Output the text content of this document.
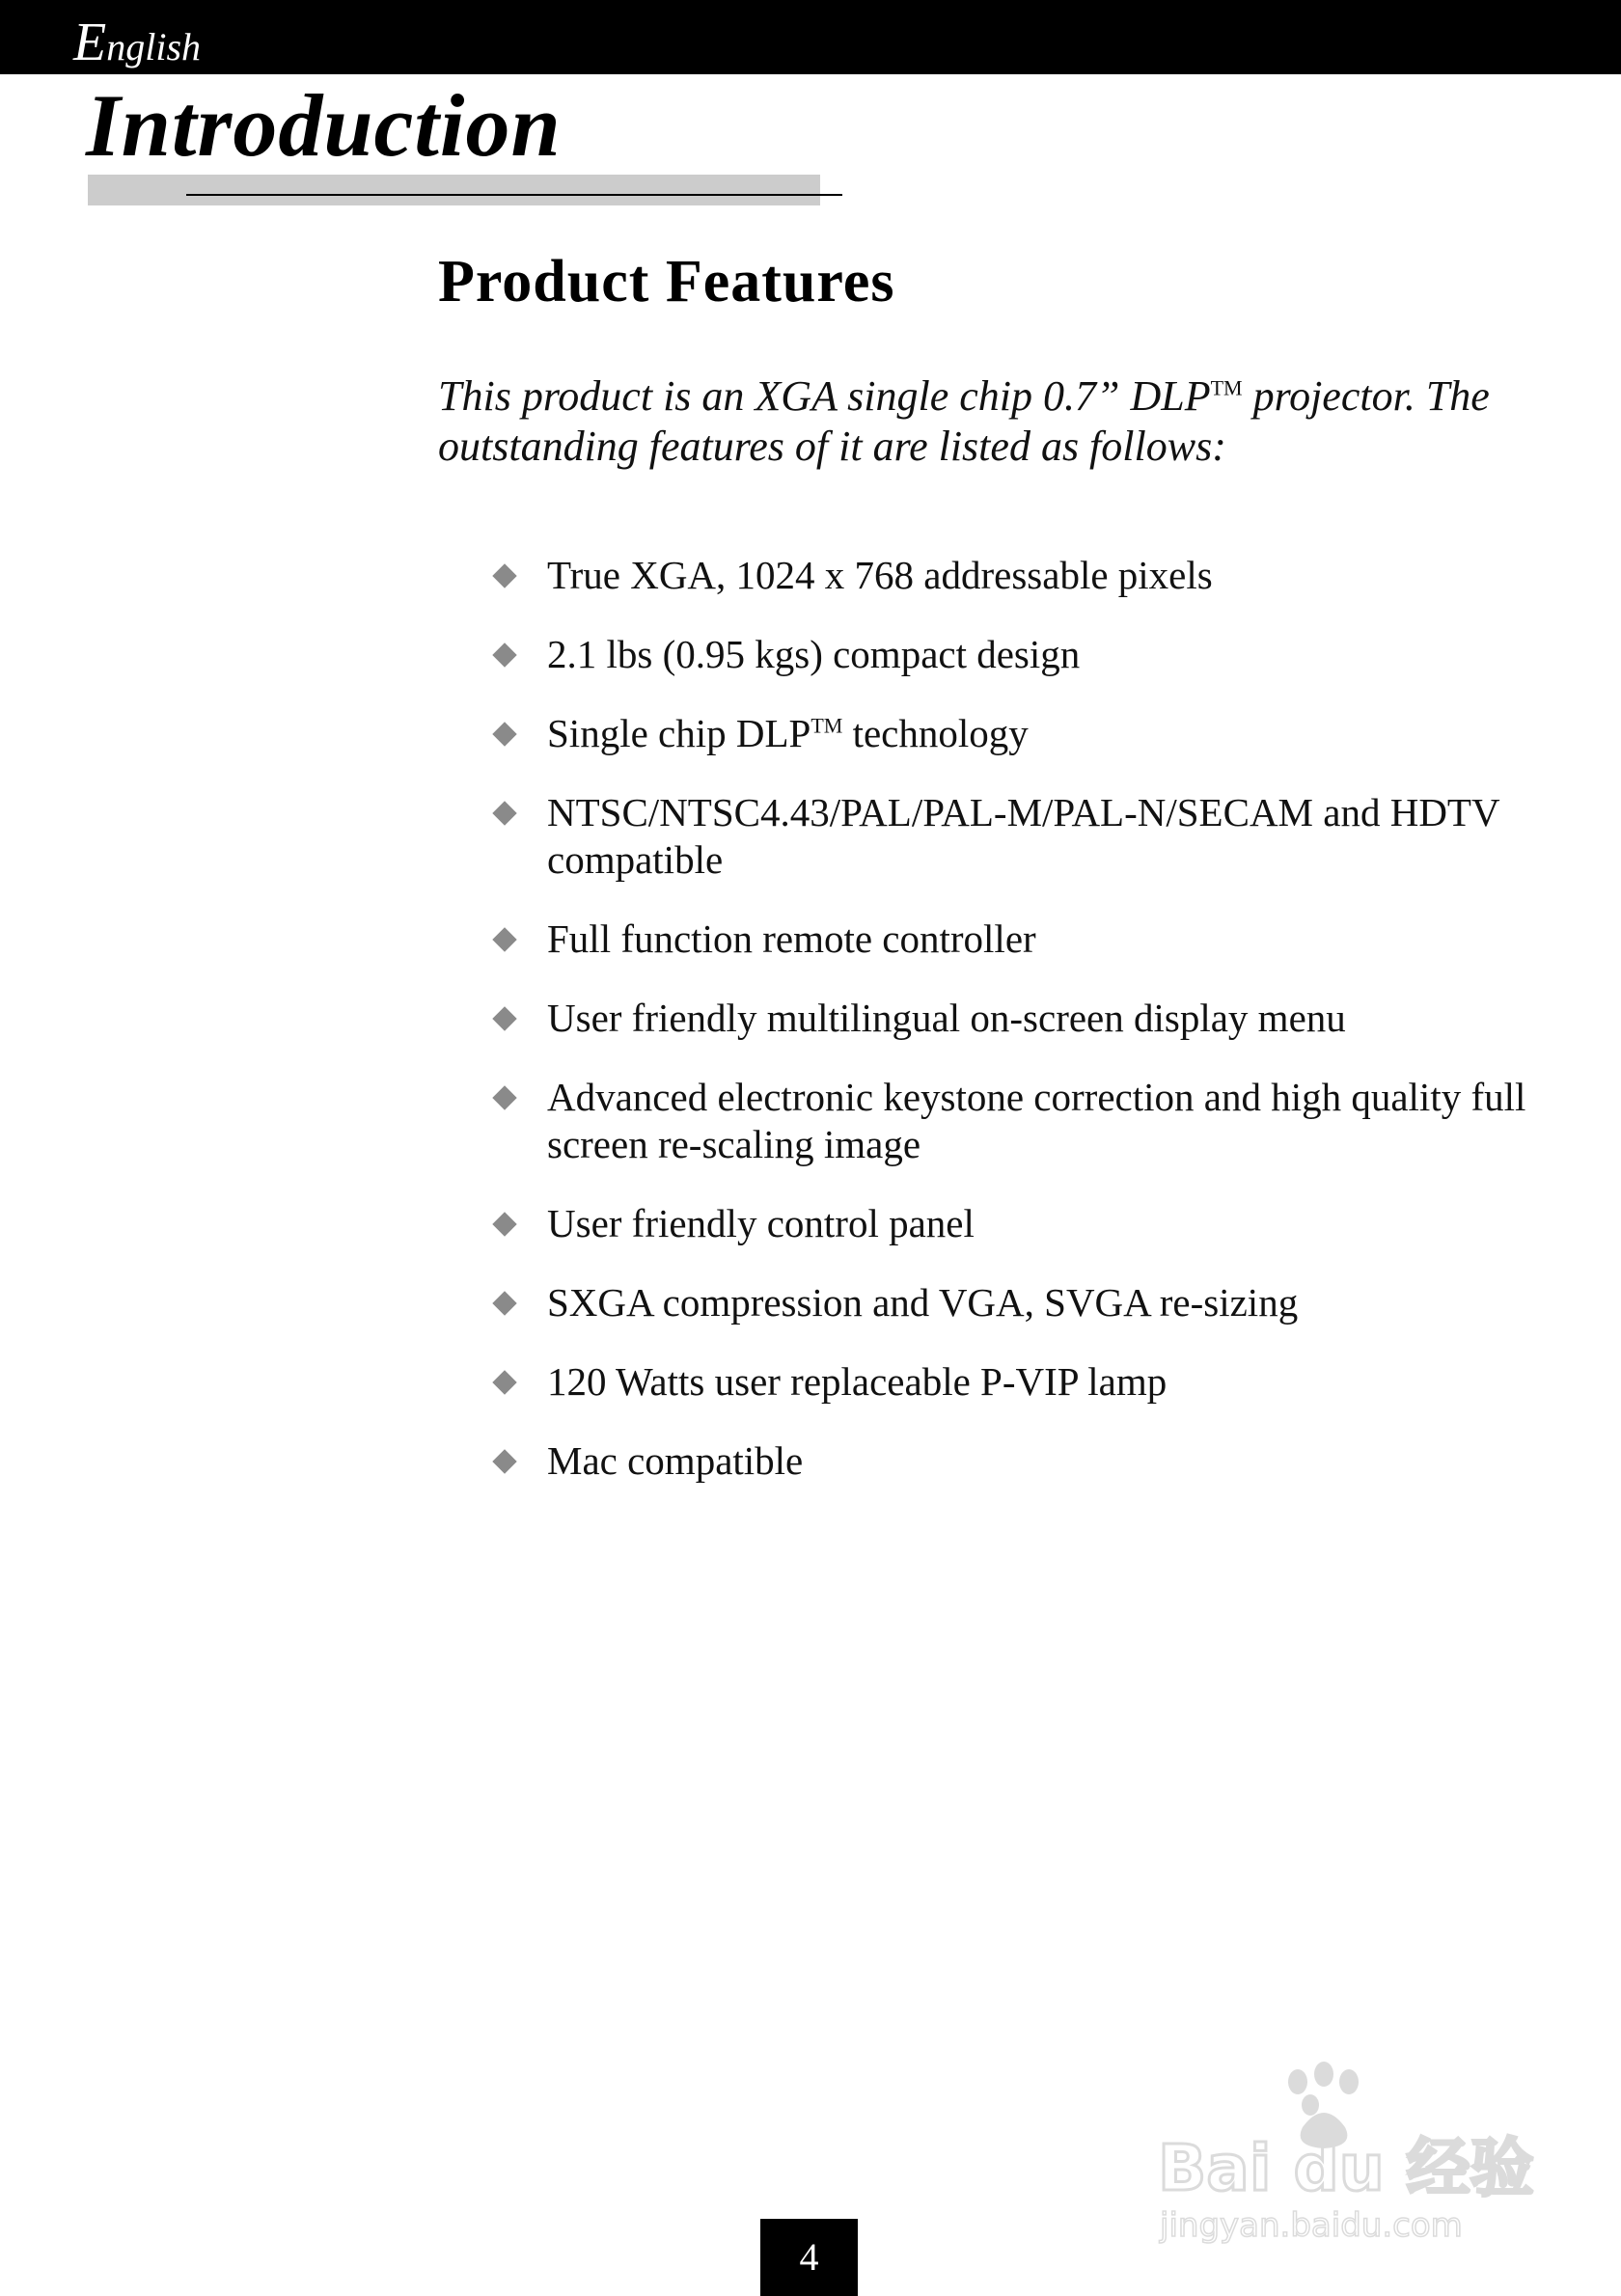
English
Introduction
Product Features

This product is an XGA single chip 0.7” DLP™ projector. The outstanding features of it are listed as follows:

True XGA, 1024 x 768 addressable pixels
2.1 lbs (0.95 kgs) compact design
Single chip DLP™ technology
NTSC/NTSC4.43/PAL/PAL-M/PAL-N/SECAM and HDTV compatible
Full function remote controller
User friendly multilingual on-screen display menu
Advanced electronic keystone correction and high quality full screen re-scaling image
User friendly control panel
SXGA compression and VGA, SVGA re-sizing
120 Watts user replaceable P-VIP lamp
Mac compatible
Bai du 经验
jingyan.baidu.com
4
